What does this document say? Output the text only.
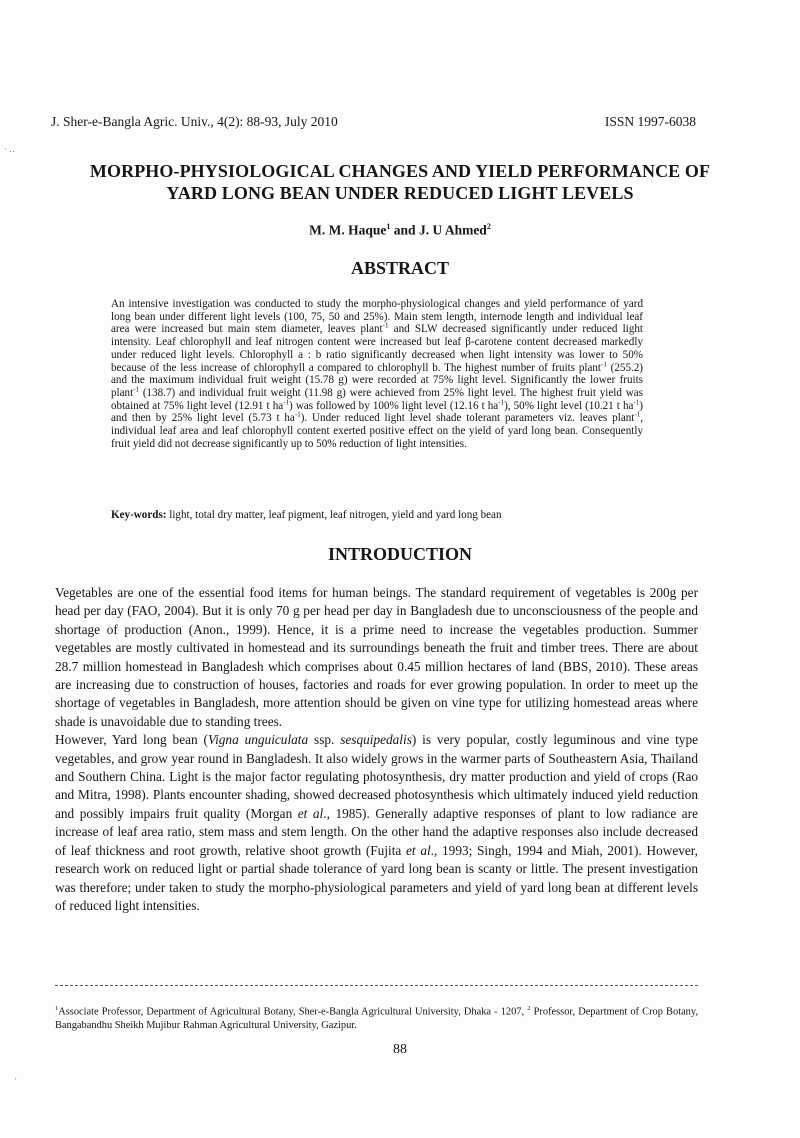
· ‥
·
J. Sher-e-Bangla Agric. Univ., 4(2): 88-93, July 2010	ISSN 1997-6038
MORPHO-PHYSIOLOGICAL CHANGES AND YIELD PERFORMANCE OF
YARD LONG BEAN UNDER REDUCED LIGHT LEVELS
M. M. Haque$^1$ and J. U Ahmed$^2$
ABSTRACT
An intensive investigation was conducted to study the morpho-physiological changes and yield performance of yard long bean under different light levels (100, 75, 50 and 25%). Main stem length, internode length and individual leaf area were increased but main stem diameter, leaves plant$^{-1}$ and SLW decreased significantly under reduced light intensity. Leaf chlorophyll and leaf nitrogen content were increased but leaf β-carotene content decreased markedly under reduced light levels. Chlorophyll a : b ratio significantly decreased when light intensity was lower to 50% because of the less increase of chlorophyll a compared to chlorophyll b. The highest number of fruits plant$^{-1}$ (255.2) and the maximum individual fruit weight (15.78 g) were recorded at 75% light level. Significantly the lower fruits plant$^{-1}$ (138.7) and individual fruit weight (11.98 g) were achieved from 25% light level. The highest fruit yield was obtained at 75% light level (12.91 t $ha^{-1}$) was followed by 100% light level (12.16 t $ha^{-1}$), 50% light level (10.21 t $ha^{-1}$) and then by 25% light level (5.73 t $ha^{-1}$). Under reduced light level shade tolerant parameters viz. leaves plant$^{-1}$, individual leaf area and leaf chlorophyll content exerted positive effect on the yield of yard long bean. Consequently fruit yield did not decrease significantly up to 50% reduction of light intensities.
Key-words: light, total dry matter, leaf pigment, leaf nitrogen, yield and yard long bean
INTRODUCTION

Vegetables are one of the essential food items for human beings. The standard requirement of vegetables is 200g per head per day (FAO, 2004). But it is only 70 g per head per day in Bangladesh due to unconsciousness of the people and shortage of production (Anon., 1999). Hence, it is a prime need to increase the vegetables production. Summer vegetables are mostly cultivated in homestead and its surroundings beneath the fruit and timber trees. There are about 28.7 million homestead in Bangladesh which comprises about 0.45 million hectares of land (BBS, 2010). These areas are increasing due to construction of houses, factories and roads for ever growing population. In order to meet up the shortage of vegetables in Bangladesh, more attention should be given on vine type for utilizing homestead areas where shade is unavoidable due to standing trees.

However, Yard long bean (Vigna unguiculata ssp. sesquipedalis) is very popular, costly leguminous and vine type vegetables, and grow year round in Bangladesh. It also widely grows in the warmer parts of Southeastern Asia, Thailand and Southern China. Light is the major factor regulating photosynthesis, dry matter production and yield of crops (Rao and Mitra, 1998). Plants encounter shading, showed decreased photosynthesis which ultimately induced yield reduction and possibly impairs fruit quality (Morgan et al., 1985). Generally adaptive responses of plant to low radiance are increase of leaf area ratio, stem mass and stem length. On the other hand the adaptive responses also include decreased of leaf thickness and root growth, relative shoot growth (Fujita et al., 1993; Singh, 1994 and Miah, 2001). However, research work on reduced light or partial shade tolerance of yard long bean is scanty or little. The present investigation was therefore; under taken to study the morpho-physiological parameters and yield of yard long bean at different levels of reduced light intensities.

$^1$Associate Professor, Department of Agricultural Botany, Sher-e-Bangla Agricultural University, Dhaka - 1207, $^2$ Professor, Department of Crop Botany, Bangabandhu Sheikh Mujibur Rahman Agricultural University, Gazipur.
88
